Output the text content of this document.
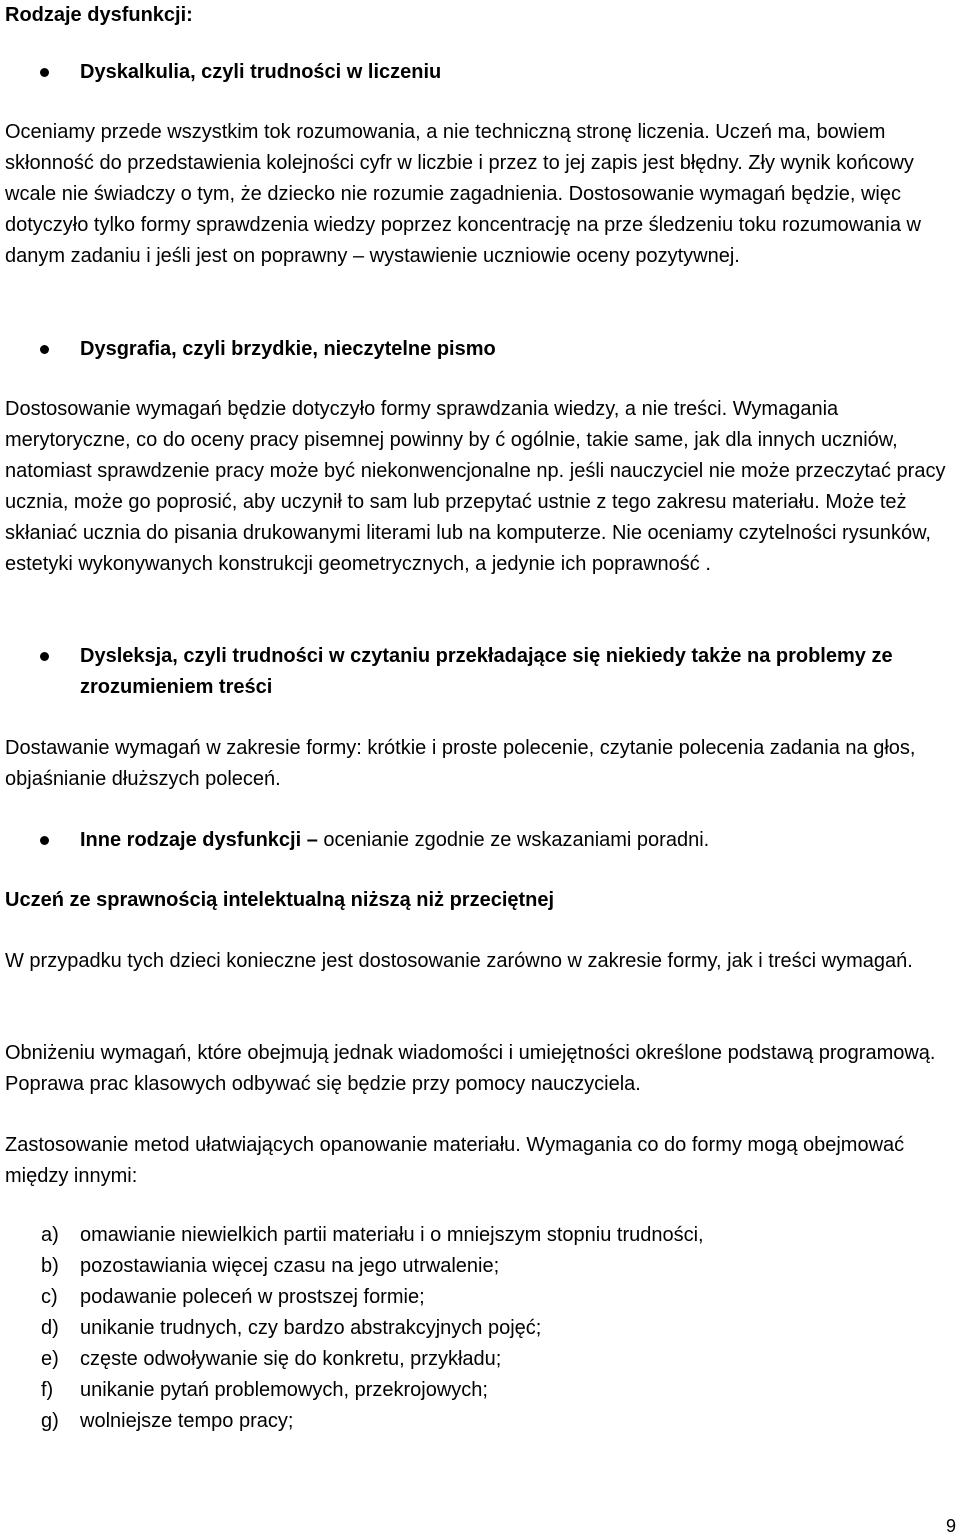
Rodzaje dysfunkcji:
Dyskalkulia, czyli trudności w liczeniu

Oceniamy przede wszystkim tok rozumowania, a nie techniczną stronę liczenia. Uczeń ma, bowiem skłonność do przedstawienia kolejności cyfr w liczbie i przez to jej zapis jest błędny. Zły wynik końcowy wcale nie świadczy o tym, że dziecko nie rozumie zagadnienia. Dostosowanie wymagań będzie, więc dotyczyło tylko formy sprawdzenia wiedzy poprzez koncentrację na prze śledzeniu toku rozumowania w danym zadaniu i jeśli jest on poprawny – wystawienie uczniowie oceny pozytywnej.

Dysgrafia, czyli brzydkie, nieczytelne pismo

Dostosowanie wymagań będzie dotyczyło formy sprawdzania wiedzy, a nie treści. Wymagania merytoryczne, co do oceny pracy pisemnej powinny by ć ogólnie, takie same, jak dla innych uczniów, natomiast sprawdzenie pracy może być niekonwencjonalne np. jeśli nauczyciel nie może przeczytać pracy ucznia, może go poprosić, aby uczynił to sam lub przepytać ustnie z tego zakresu materiału. Może też skłaniać ucznia do pisania drukowanymi literami lub na komputerze. Nie oceniamy czytelności rysunków, estetyki wykonywanych konstrukcji geometrycznych, a jedynie ich poprawność .

Dysleksja, czyli trudności w czytaniu przekładające się niekiedy także na problemy ze zrozumieniem treści

Dostawanie wymagań w zakresie formy: krótkie i proste polecenie, czytanie polecenia zadania na głos, objaśnianie dłuższych poleceń.

Inne rodzaje dysfunkcji – ocenianie zgodnie ze wskazaniami poradni.
Uczeń ze sprawnością intelektualną niższą niż przeciętnej

W przypadku tych dzieci konieczne jest dostosowanie zarówno w zakresie formy, jak i treści wymagań.

Obniżeniu wymagań, które obejmują jednak wiadomości i umiejętności określone podstawą programową. Poprawa prac klasowych odbywać się będzie przy pomocy nauczyciela.

Zastosowanie metod ułatwiających opanowanie materiału. Wymagania co do formy mogą obejmować między innymi:

a) omawianie niewielkich partii materiału i o mniejszym stopniu trudności,
b) pozostawiania więcej czasu na jego utrwalenie;
c) podawanie poleceń w prostszej formie;
d) unikanie trudnych, czy bardzo abstrakcyjnych pojęć;
e) częste odwoływanie się do konkretu, przykładu;
f) unikanie pytań problemowych, przekrojowych;
g) wolniejsze tempo pracy;
9
